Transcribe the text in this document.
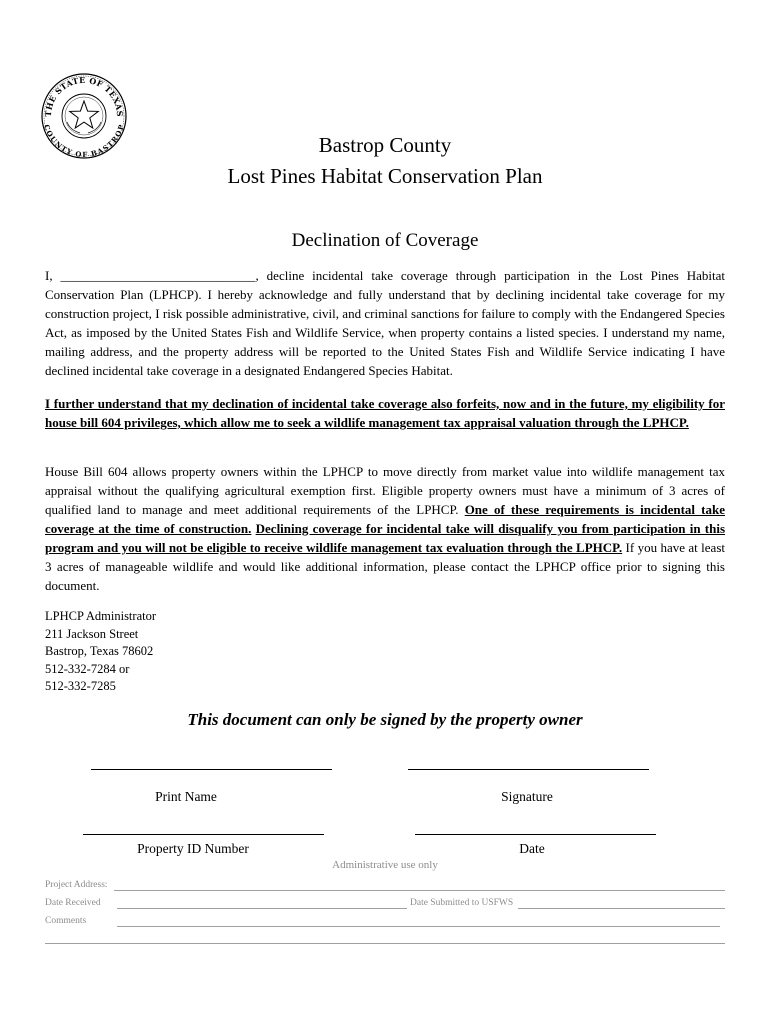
THE STATE OF TEXAS
COUNTY OF BASTROP
Bastrop County
Lost Pines Habitat Conservation Plan
Declination of Coverage
I, ______________________________, decline incidental take coverage through participation in the Lost Pines Habitat Conservation Plan (LPHCP). I hereby acknowledge and fully understand that by declining incidental take coverage for my construction project, I risk possible administrative, civil, and criminal sanctions for failure to comply with the Endangered Species Act, as imposed by the United States Fish and Wildlife Service, when property contains a listed species. I understand my name, mailing address, and the property address will be reported to the United States Fish and Wildlife Service indicating I have declined incidental take coverage in a designated Endangered Species Habitat.
I further understand that my declination of incidental take coverage also forfeits, now and in the future, my eligibility for house bill 604 privileges, which allow me to seek a wildlife management tax appraisal valuation through the LPHCP.
House Bill 604 allows property owners within the LPHCP to move directly from market value into wildlife management tax appraisal without the qualifying agricultural exemption first. Eligible property owners must have a minimum of 3 acres of qualified land to manage and meet additional requirements of the LPHCP. One of these requirements is incidental take coverage at the time of construction. Declining coverage for incidental take will disqualify you from participation in this program and you will not be eligible to receive wildlife management tax evaluation through the LPHCP. If you have at least 3 acres of manageable wildlife and would like additional information, please contact the LPHCP office prior to signing this document.
LPHCP Administrator
211 Jackson Street
Bastrop, Texas 78602
512-332-7284 or
512-332-7285
This document can only be signed by the property owner
Print Name	Signature
Property ID Number	Date
Administrative use only
Project Address:
Date Received	Date Submitted to USFWS
Comments
